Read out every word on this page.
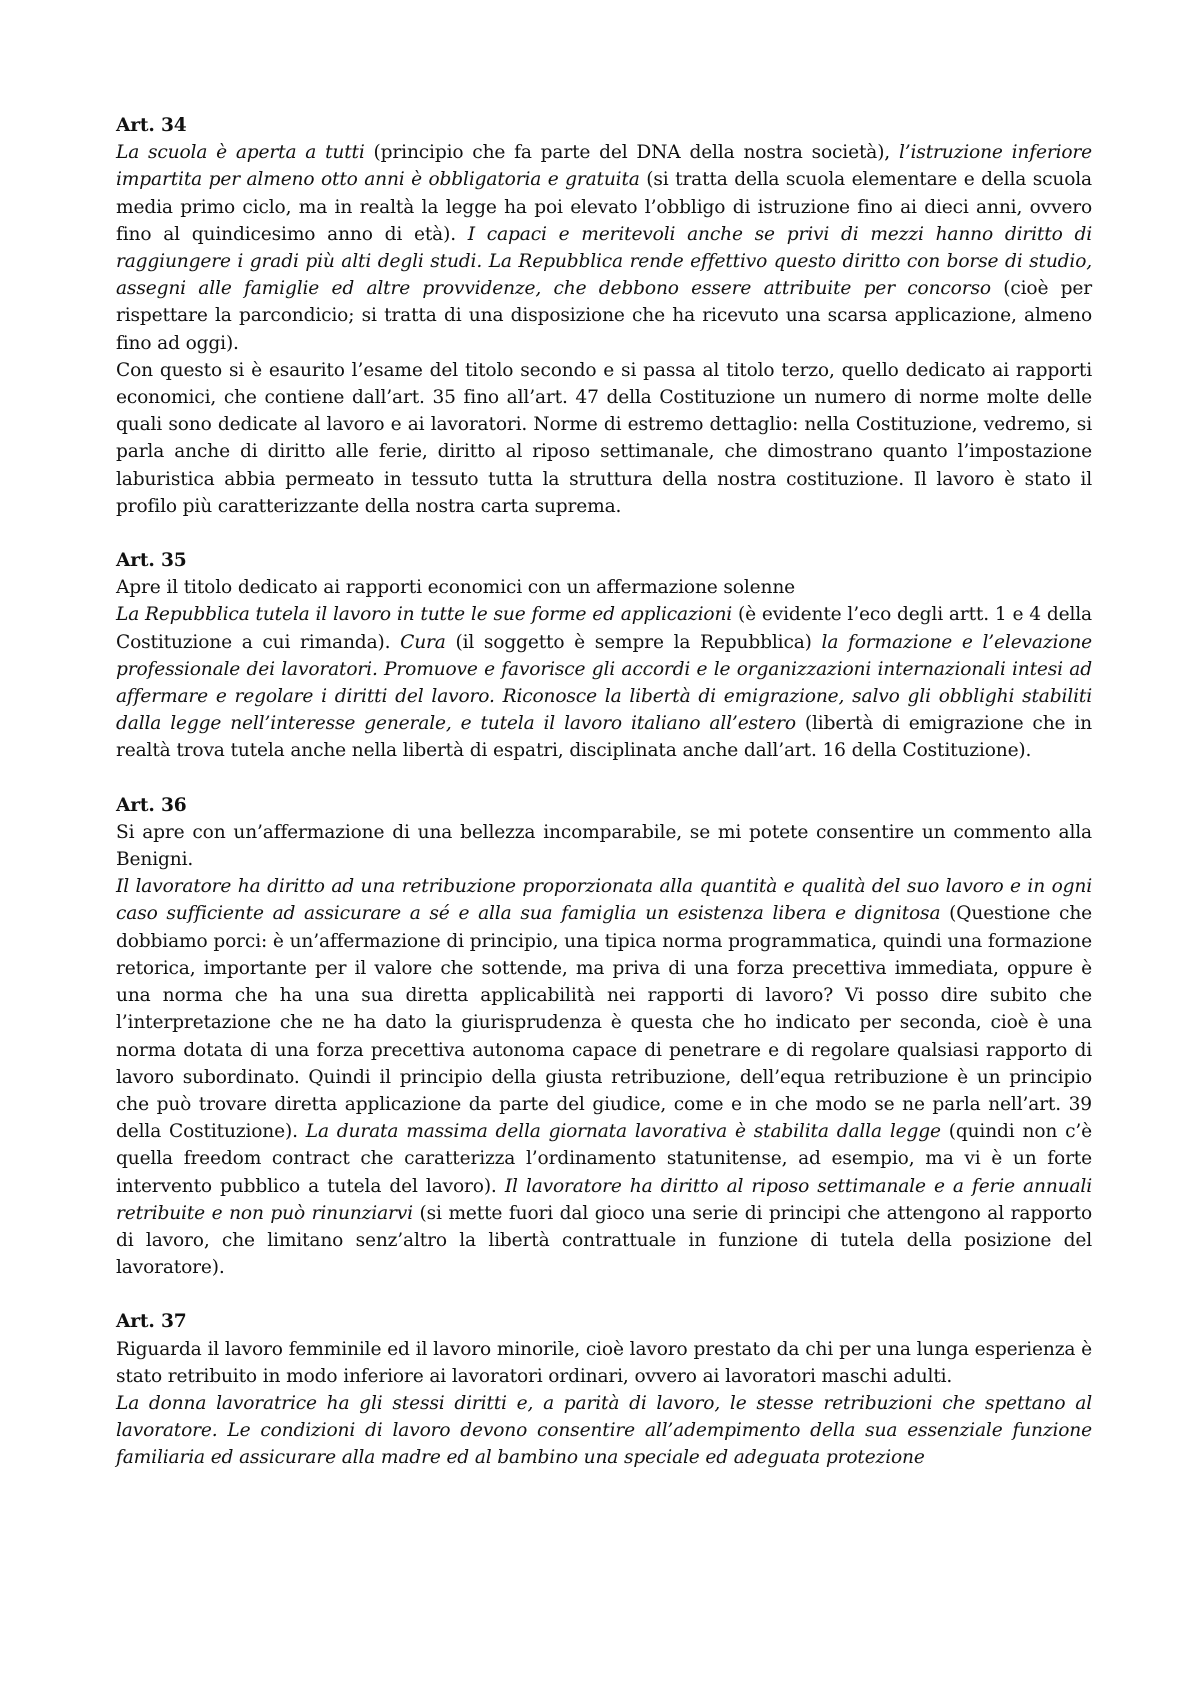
Art. 34

La scuola è aperta a tutti (principio che fa parte del DNA della nostra società), l’istruzione inferiore impartita per almeno otto anni è obbligatoria e gratuita (si tratta della scuola elementare e della scuola media primo ciclo, ma in realtà la legge ha poi elevato l’obbligo di istruzione fino ai dieci anni, ovvero fino al quindicesimo anno di età). I capaci e meritevoli anche se privi di mezzi hanno diritto di raggiungere i gradi più alti degli studi. La Repubblica rende effettivo questo diritto con borse di studio, assegni alle famiglie ed altre provvidenze, che debbono essere attribuite per concorso (cioè per rispettare la parcondicio; si tratta di una disposizione che ha ricevuto una scarsa applicazione, almeno fino ad oggi).

Con questo si è esaurito l’esame del titolo secondo e si passa al titolo terzo, quello dedicato ai rapporti economici, che contiene dall’art. 35 fino all’art. 47 della Costituzione un numero di norme molte delle quali sono dedicate al lavoro e ai lavoratori. Norme di estremo dettaglio: nella Costituzione, vedremo, si parla anche di diritto alle ferie, diritto al riposo settimanale, che dimostrano quanto l’impostazione laburistica abbia permeato in tessuto tutta la struttura della nostra costituzione. Il lavoro è stato il profilo più caratterizzante della nostra carta suprema.

Art. 35

Apre il titolo dedicato ai rapporti economici con un affermazione solenne

La Repubblica tutela il lavoro in tutte le sue forme ed applicazioni (è evidente l’eco degli artt. 1 e 4 della Costituzione a cui rimanda). Cura (il soggetto è sempre la Repubblica) la formazione e l’elevazione professionale dei lavoratori. Promuove e favorisce gli accordi e le organizzazioni internazionali intesi ad affermare e regolare i diritti del lavoro. Riconosce la libertà di emigrazione, salvo gli obblighi stabiliti dalla legge nell’interesse generale, e tutela il lavoro italiano all’estero (libertà di emigrazione che in realtà trova tutela anche nella libertà di espatri, disciplinata anche dall’art. 16 della Costituzione).

Art. 36

Si apre con un’affermazione di una bellezza incomparabile, se mi potete consentire un commento alla Benigni.

Il lavoratore ha diritto ad una retribuzione proporzionata alla quantità e qualità del suo lavoro e in ogni caso sufficiente ad assicurare a sé e alla sua famiglia un esistenza libera e dignitosa (Questione che dobbiamo porci: è un’affermazione di principio, una tipica norma programmatica, quindi una formazione retorica, importante per il valore che sottende, ma priva di una forza precettiva immediata, oppure è una norma che ha una sua diretta applicabilità nei rapporti di lavoro? Vi posso dire subito che l’interpretazione che ne ha dato la giurisprudenza è questa che ho indicato per seconda, cioè è una norma dotata di una forza precettiva autonoma capace di penetrare e di regolare qualsiasi rapporto di lavoro subordinato. Quindi il principio della giusta retribuzione, dell’equa retribuzione è un principio che può trovare diretta applicazione da parte del giudice, come e in che modo se ne parla nell’art. 39 della Costituzione). La durata massima della giornata lavorativa è stabilita dalla legge (quindi non c’è quella freedom contract che caratterizza l’ordinamento statunitense, ad esempio, ma vi è un forte intervento pubblico a tutela del lavoro). Il lavoratore ha diritto al riposo settimanale e a ferie annuali retribuite e non può rinunziarvi (si mette fuori dal gioco una serie di principi che attengono al rapporto di lavoro, che limitano senz’altro la libertà contrattuale in funzione di tutela della posizione del lavoratore).

Art. 37

Riguarda il lavoro femminile ed il lavoro minorile, cioè lavoro prestato da chi per una lunga esperienza è stato retribuito in modo inferiore ai lavoratori ordinari, ovvero ai lavoratori maschi adulti.

La donna lavoratrice ha gli stessi diritti e, a parità di lavoro, le stesse retribuzioni che spettano al lavoratore. Le condizioni di lavoro devono consentire all’adempimento della sua essenziale funzione familiaria ed assicurare alla madre ed al bambino una speciale ed adeguata protezione
